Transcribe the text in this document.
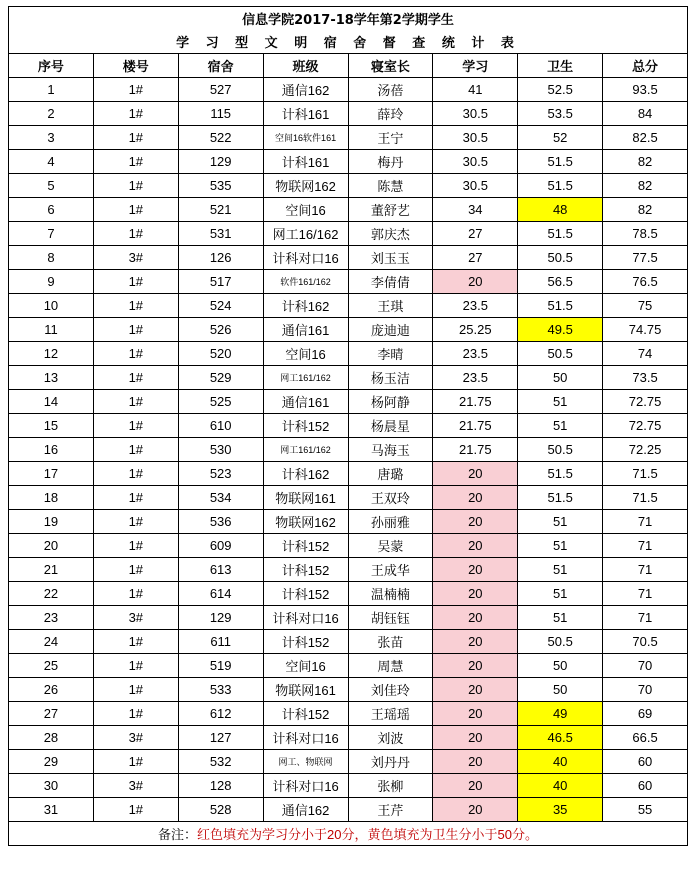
信息学院2017-18学年第2学期学生							
学 习 型 文 明 宿 舍 督 查 统 计 表							
序号	楼号	宿舍	班级	寝室长	学习	卫生	总分
1	1#	527	通信162	汤蓓	41	52.5	93.5
2	1#	115	计科161	薛玲	30.5	53.5	84
3	1#	522	空间16软件161	王宁	30.5	52	82.5
4	1#	129	计科161	梅丹	30.5	51.5	82
5	1#	535	物联网162	陈慧	30.5	51.5	82
6	1#	521	空间16	董舒艺	34	48	82
7	1#	531	网工16/162	郭庆杰	27	51.5	78.5
8	3#	126	计科对口16	刘玉玉	27	50.5	77.5
9	1#	517	软件161/162	李倩倩	20	56.5	76.5
10	1#	524	计科162	王琪	23.5	51.5	75
11	1#	526	通信161	庞迪迪	25.25	49.5	74.75
12	1#	520	空间16	李晴	23.5	50.5	74
13	1#	529	网工161/162	杨玉洁	23.5	50	73.5
14	1#	525	通信161	杨阿静	21.75	51	72.75
15	1#	610	计科152	杨晨星	21.75	51	72.75
16	1#	530	网工161/162	马海玉	21.75	50.5	72.25
17	1#	523	计科162	唐璐	20	51.5	71.5
18	1#	534	物联网161	王双玲	20	51.5	71.5
19	1#	536	物联网162	孙丽雅	20	51	71
20	1#	609	计科152	吴蒙	20	51	71
21	1#	613	计科152	王成华	20	51	71
22	1#	614	计科152	温楠楠	20	51	71
23	3#	129	计科对口16	胡钰钰	20	51	71
24	1#	611	计科152	张苗	20	50.5	70.5
25	1#	519	空间16	周慧	20	50	70
26	1#	533	物联网161	刘佳玲	20	50	70
27	1#	612	计科152	王瑶瑶	20	49	69
28	3#	127	计科对口16	刘波	20	46.5	66.5
29	1#	532	网工、物联网	刘丹丹	20	40	60
30	3#	128	计科对口16	张柳	20	40	60
31	1#	528	通信162	王芹	20	35	55
备注：红色填充为学习分小于20分，黄色填充为卫生分小于50分。							
